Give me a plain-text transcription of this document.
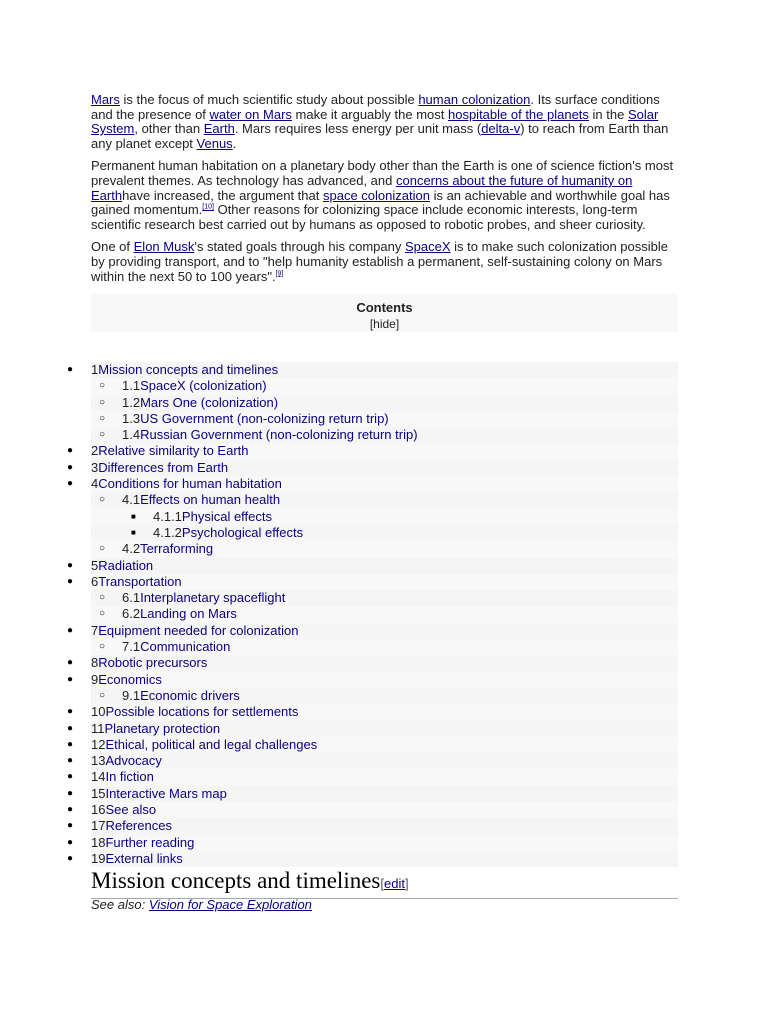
Mars is the focus of much scientific study about possible human colonization. Its surface conditions and the presence of water on Mars make it arguably the most hospitable of the planets in the Solar System, other than Earth. Mars requires less energy per unit mass (delta-v) to reach from Earth than any planet except Venus.

Permanent human habitation on a planetary body other than the Earth is one of science fiction's most prevalent themes. As technology has advanced, and concerns about the future of humanity on Earthhave increased, the argument that space colonization is an achievable and worthwhile goal has gained momentum.[10] Other reasons for colonizing space include economic interests, long-term scientific research best carried out by humans as opposed to robotic probes, and sheer curiosity.

One of Elon Musk's stated goals through his company SpaceX is to make such colonization possible by providing transport, and to "help humanity establish a permanent, self-sustaining colony on Mars within the next 50 to 100 years".[9]

Contents
[hide]
● 1Mission concepts and timelines
○ 1.1SpaceX (colonization)
○ 1.2Mars One (colonization)
○ 1.3US Government (non-colonizing return trip)
○ 1.4Russian Government (non-colonizing return trip)
● 2Relative similarity to Earth
● 3Differences from Earth
● 4Conditions for human habitation
○ 4.1Effects on human health
■ 4.1.1Physical effects
■ 4.1.2Psychological effects
○ 4.2Terraforming
● 5Radiation
● 6Transportation
○ 6.1Interplanetary spaceflight
○ 6.2Landing on Mars
● 7Equipment needed for colonization
○ 7.1Communication
● 8Robotic precursors
● 9Economics
○ 9.1Economic drivers
● 10Possible locations for settlements
● 11Planetary protection
● 12Ethical, political and legal challenges
● 13Advocacy
● 14In fiction
● 15Interactive Mars map
● 16See also
● 17References
● 18Further reading
● 19External links
Mission concepts and timelines[edit]
See also: Vision for Space Exploration
